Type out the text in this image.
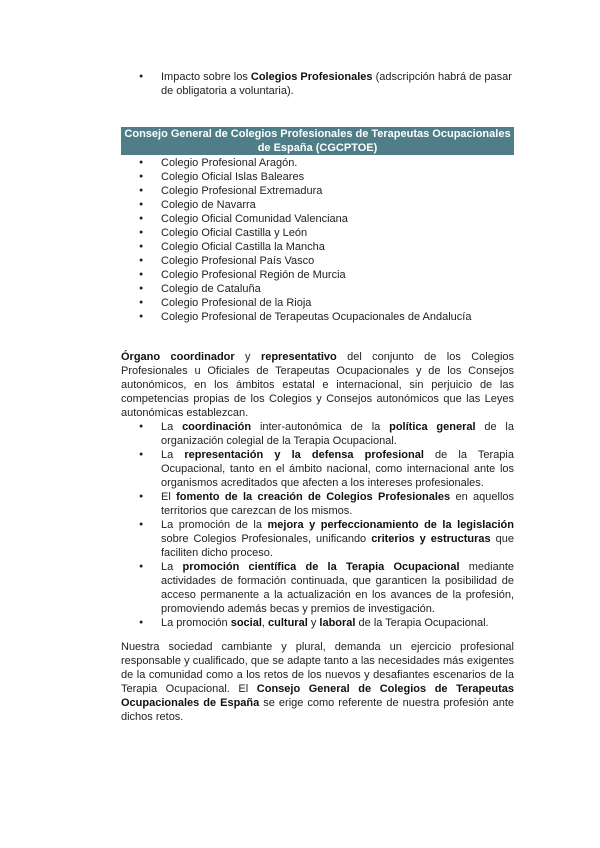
● Impacto sobre los Colegios Profesionales (adscripción habrá de pasar de obligatoria a voluntaria).
Consejo General de Colegios Profesionales de Terapeutas Ocupacionales
de España (CGCPTOE)
● Colegio Profesional Aragón.
● Colegio Oficial Islas Baleares
● Colegio Profesional Extremadura
● Colegio de Navarra
● Colegio Oficial Comunidad Valenciana
● Colegio Oficial Castilla y León
● Colegio Oficial Castilla la Mancha
● Colegio Profesional País Vasco
● Colegio Profesional Región de Murcia
● Colegio de Cataluña
● Colegio Profesional de la Rioja
● Colegio Profesional de Terapeutas Ocupacionales de Andalucía

Órgano coordinador y representativo del conjunto de los Colegios Profesionales u Oficiales de Terapeutas Ocupacionales y de los Consejos autonómicos, en los ámbitos estatal e internacional, sin perjuicio de las competencias propias de los Colegios y Consejos autonómicos que las Leyes autonómicas establezcan.

● La coordinación inter-autonómica de la política general de la organización colegial de la Terapia Ocupacional.
● La representación y la defensa profesional de la Terapia Ocupacional, tanto en el ámbito nacional, como internacional ante los organismos acreditados que afecten a los intereses profesionales.
● El fomento de la creación de Colegios Profesionales en aquellos territorios que carezcan de los mismos.
● La promoción de la mejora y perfeccionamiento de la legislación sobre Colegios Profesionales, unificando criterios y estructuras que faciliten dicho proceso.
● La promoción científica de la Terapia Ocupacional mediante actividades de formación continuada, que garanticen la posibilidad de acceso permanente a la actualización en los avances de la profesión, promoviendo además becas y premios de investigación.
● La promoción social, cultural y laboral de la Terapia Ocupacional.

Nuestra sociedad cambiante y plural, demanda un ejercicio profesional responsable y cualificado, que se adapte tanto a las necesidades más exigentes de la comunidad como a los retos de los nuevos y desafiantes escenarios de la Terapia Ocupacional. El Consejo General de Colegios de Terapeutas Ocupacionales de España se erige como referente de nuestra profesión ante dichos retos.
